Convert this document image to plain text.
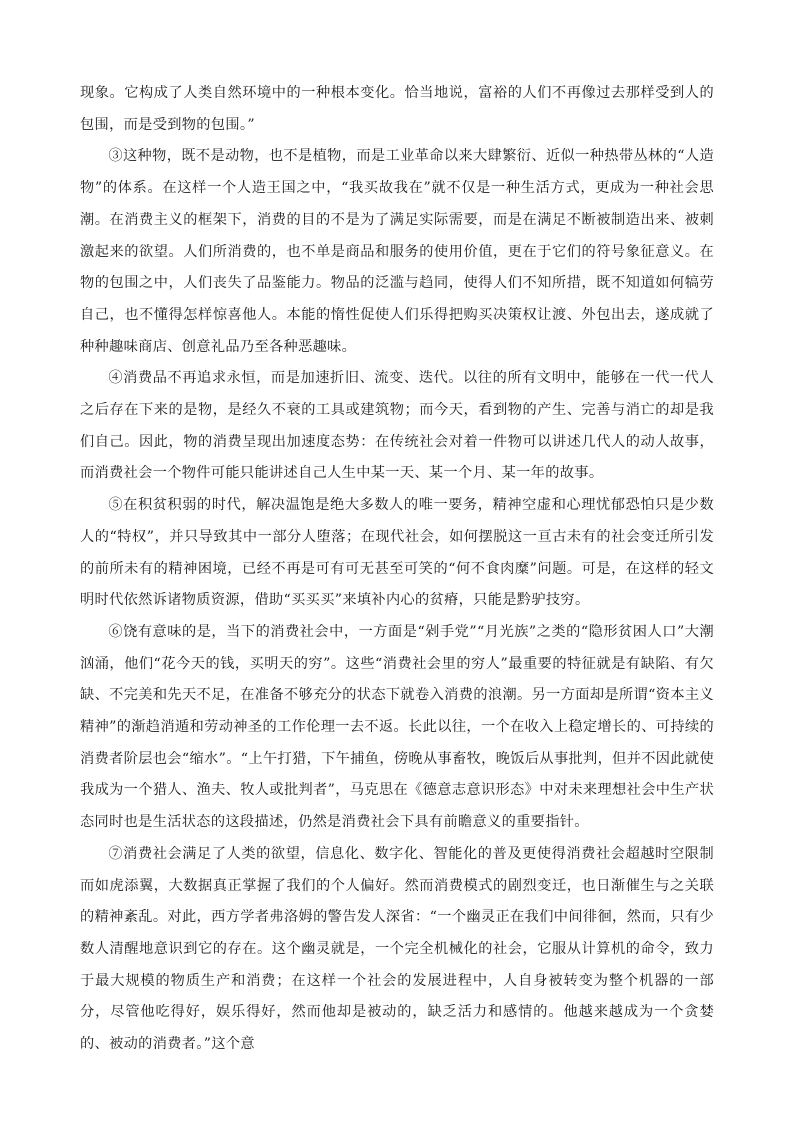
现象。它构成了人类自然环境中的一种根本变化。恰当地说，富裕的人们不再像过去那样受到人的包围，而是受到物的包围。”

③这种物，既不是动物，也不是植物，而是工业革命以来大肆繁衍、近似一种热带丛林的“人造物”的体系。在这样一个人造王国之中，“我买故我在”就不仅是一种生活方式，更成为一种社会思潮。在消费主义的框架下，消费的目的不是为了满足实际需要，而是在满足不断被制造出来、被刺激起来的欲望。人们所消费的，也不单是商品和服务的使用价值，更在于它们的符号象征意义。在物的包围之中，人们丧失了品鉴能力。物品的泛滥与趋同，使得人们不知所措，既不知道如何犒劳自己，也不懂得怎样惊喜他人。本能的惰性促使人们乐得把购买决策权让渡、外包出去，遂成就了种种趣味商店、创意礼品乃至各种恶趣味。

④消费品不再追求永恒，而是加速折旧、流变、迭代。以往的所有文明中，能够在一代一代人之后存在下来的是物，是经久不衰的工具或建筑物；而今天，看到物的产生、完善与消亡的却是我们自己。因此，物的消费呈现出加速度态势：在传统社会对着一件物可以讲述几代人的动人故事，而消费社会一个物件可能只能讲述自己人生中某一天、某一个月、某一年的故事。

⑤在积贫积弱的时代，解决温饱是绝大多数人的唯一要务，精神空虚和心理忧郁恐怕只是少数人的“特权”，并只导致其中一部分人堕落；在现代社会，如何摆脱这一亘古未有的社会变迁所引发的前所未有的精神困境，已经不再是可有可无甚至可笑的“何不食肉糜”问题。可是，在这样的轻文明时代依然诉诸物质资源，借助“买买买”来填补内心的贫瘠，只能是黔驴技穷。

⑥饶有意味的是，当下的消费社会中，一方面是“剁手党”“月光族”之类的“隐形贫困人口”大潮汹涌，他们“花今天的钱，买明天的穷”。这些“消费社会里的穷人”最重要的特征就是有缺陷、有欠缺、不完美和先天不足，在准备不够充分的状态下就卷入消费的浪潮。另一方面却是所谓“资本主义精神”的渐趋消遁和劳动神圣的工作伦理一去不返。长此以往，一个在收入上稳定增长的、可持续的消费者阶层也会“缩水”。“上午打猎，下午捕鱼，傍晚从事畜牧，晚饭后从事批判，但并不因此就使我成为一个猎人、渔夫、牧人或批判者”，马克思在《德意志意识形态》中对未来理想社会中生产状态同时也是生活状态的这段描述，仍然是消费社会下具有前瞻意义的重要指针。

⑦消费社会满足了人类的欲望，信息化、数字化、智能化的普及更使得消费社会超越时空限制而如虎添翼，大数据真正掌握了我们的个人偏好。然而消费模式的剧烈变迁，也日渐催生与之关联的精神紊乱。对此，西方学者弗洛姆的警告发人深省：“一个幽灵正在我们中间徘徊，然而，只有少数人清醒地意识到它的存在。这个幽灵就是，一个完全机械化的社会，它服从计算机的命令，致力于最大规模的物质生产和消费；在这样一个社会的发展进程中，人自身被转变为整个机器的一部分，尽管他吃得好，娱乐得好，然而他却是被动的，缺乏活力和感情的。他越来越成为一个贪婪的、被动的消费者。”这个意
